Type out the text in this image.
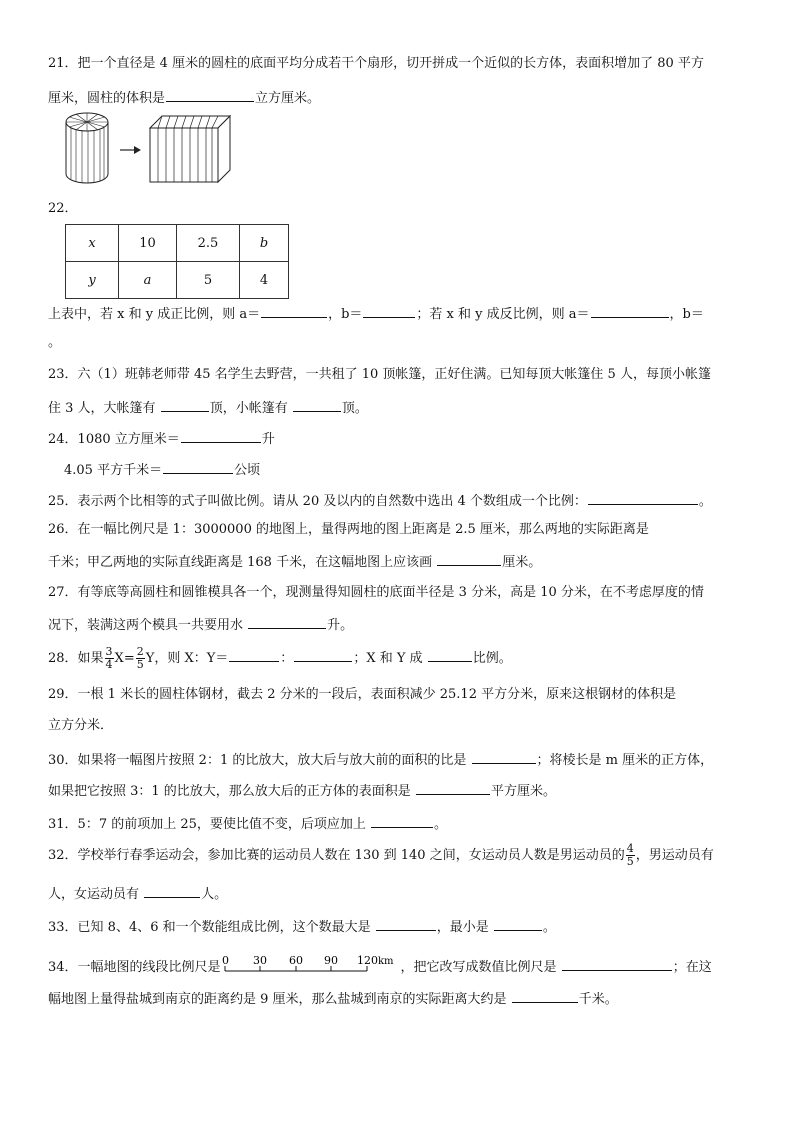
21．把一个直径是 4 厘米的圆柱的底面平均分成若干个扇形，切开拼成一个近似的长方体，表面积增加了 80 平方
厘米，圆柱的体积是	立方厘米。
22．
x	10	2.5	b
y	a	5	4
上表中，若 x 和 y 成正比例，则 a＝	，b＝	；若 x 和 y 成反比例，则 a＝	，b＝
。
23．六（1）班韩老师带 45 名学生去野营，一共租了 10 顶帐篷，正好住满。已知每顶大帐篷住 5 人，每顶小帐篷
住 3 人，大帐篷有	顶，小帐篷有	顶。
24．1080 立方厘米＝	升
4.05 平方千米＝	公顷
25．表示两个比相等的式子叫做比例。请从 20 及以内的自然数中选出 4 个数组成一个比例：	。
26．在一幅比例尺是 1：3000000 的地图上，量得两地的图上距离是 2.5 厘米，那么两地的实际距离是
千米；甲乙两地的实际直线距离是 168 千米，在这幅地图上应该画	厘米。
27．有等底等高圆柱和圆锥模具各一个，现测量得知圆柱的底面半径是 3 分米，高是 10 分米，在不考虑厚度的情
况下，装满这两个模具一共要用水	升。
28．如果 $\frac{3}{4} X= \frac{2}{5}$ Y，则 X：Y＝	：	；X 和 Y 成	比例。
29．一根 1 米长的圆柱体钢材，截去 2 分米的一段后，表面积减少 25.12 平方分米，原来这根钢材的体积是
立方分米．
30．如果将一幅图片按照 2：1 的比放大，放大后与放大前的面积的比是	；将棱长是 m 厘米的正方体，
如果把它按照 3：1 的比放大，那么放大后的正方体的表面积是	平方厘米。
31．5：7 的前项加上 25，要使比值不变，后项应加上	。
32．学校举行春季运动会，参加比赛的运动员人数在 130 到 140 之间，女运动员人数是男运动员的 $\frac{4}{5}$ ，男运动员有
人，女运动员有	人。
33．已知 8、4、6 和一个数能组成比例，这个数最大是	，最小是	。
34．一幅地图的线段比例尺是 0 30 60 90 120 km ，把它改写成数值比例尺是	；在这
幅地图上量得盐城到南京的距离约是 9 厘米，那么盐城到南京的实际距离大约是	千米。
